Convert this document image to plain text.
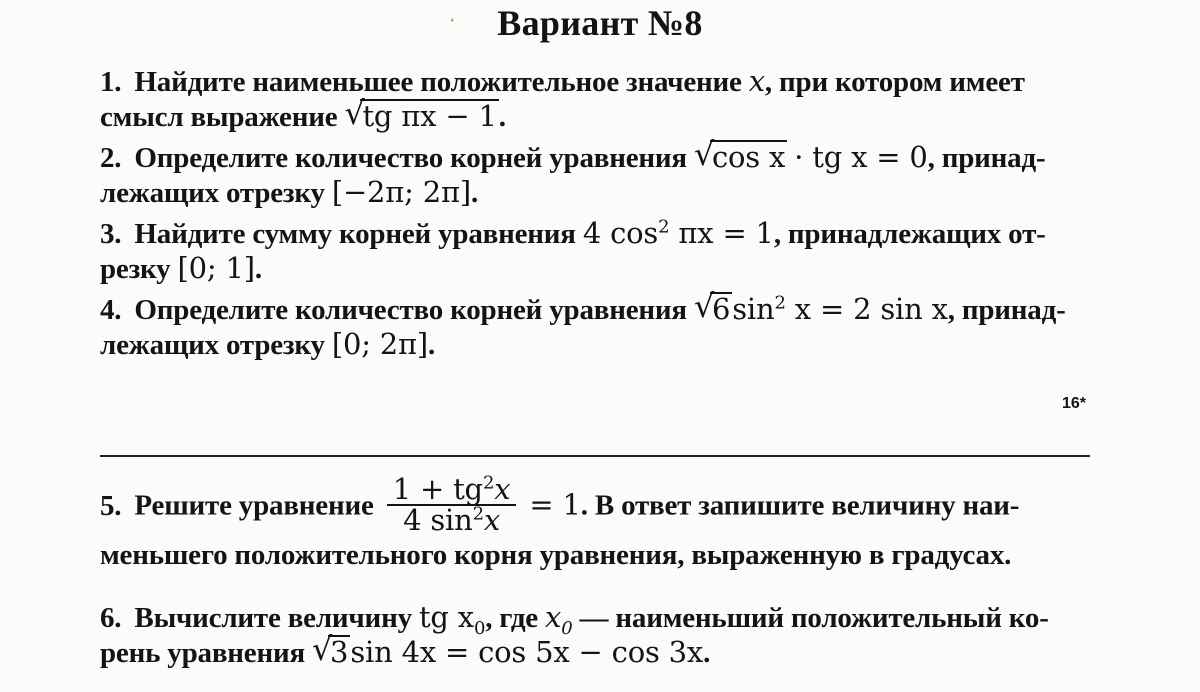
‘ Вариант №8
1. Найдите наименьшее положительное значение x, при котором имеет
смысл выражение √
tg πx − 1.
2. Определите количество корней уравнения √
cos x · tg x = 0, принад-
лежащих отрезку [−2π; 2π].
3. Найдите сумму корней уравнения 4 $\cos^2 \pi x = 1$, принадлежащих от-
резку [0; 1].
4. Определите количество корней уравнения √
$6\sin^2$ x = 2 sin x, принад-
лежащих отрезку [0; 2π].
16*
5. Решите уравнение $\frac{1 + tg^2x}{4 \sin^2x} = 1$. В ответ запишите величину наи-
меньшего положительного корня уравнения, выраженную в градусах.
6. Вычислите величину tg $x_0$, где $x_0$ — наименьший положительный ко-
рень уравнения √
3sin 4x = cos 5x − cos 3x.
